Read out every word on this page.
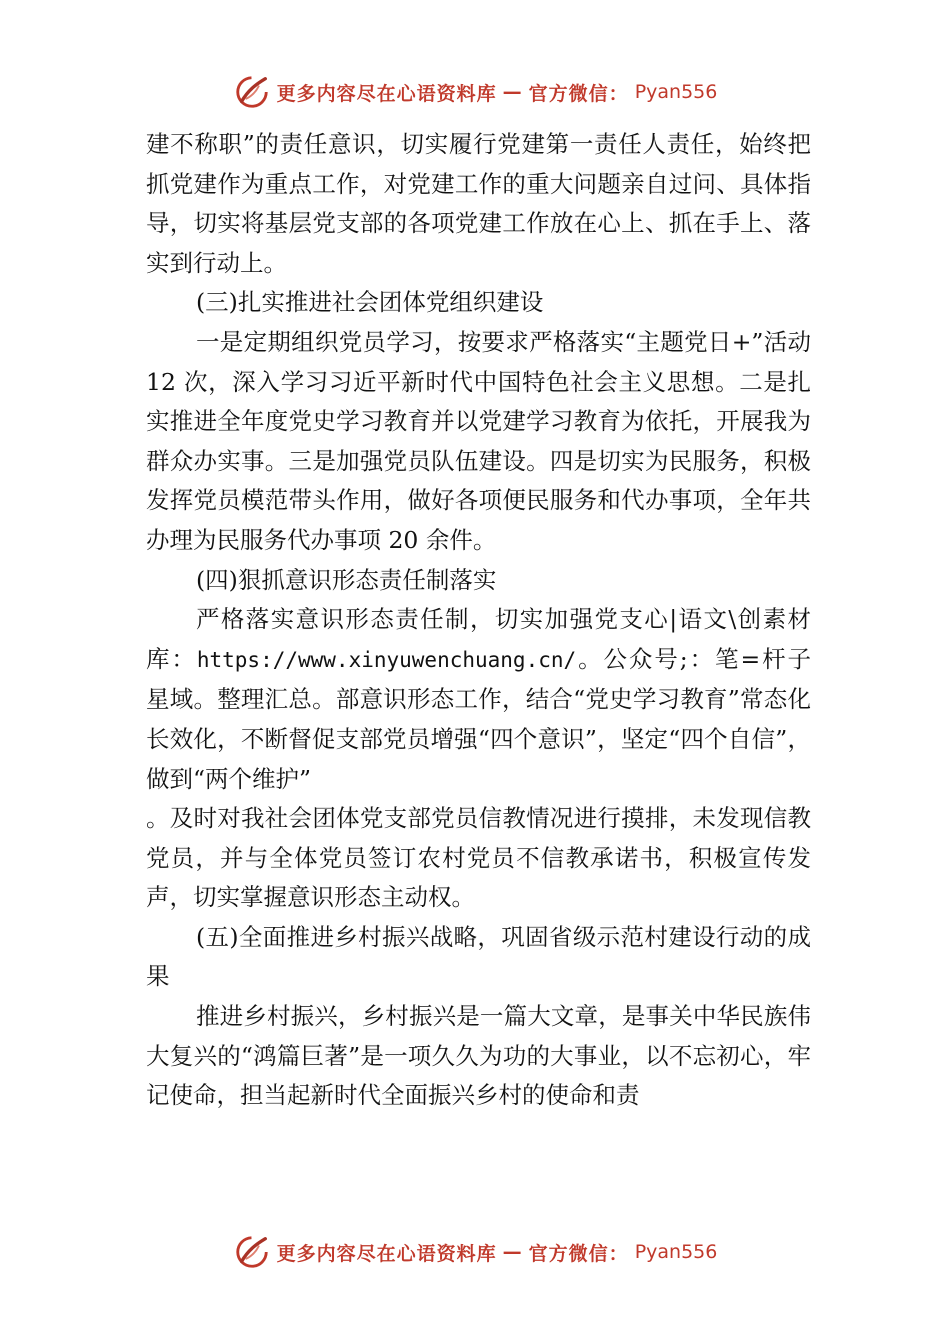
更多内容尽在心语资料库 — 官方微信： Pyan556

建不称职”的责任意识，切实履行党建第一责任人责任，始终把抓党建作为重点工作，对党建工作的重大问题亲自过问、具体指导，切实将基层党支部的各项党建工作放在心上、抓在手上、落实到行动上。

(三)扎实推进社会团体党组织建设

一是定期组织党员学习，按要求严格落实“主题党日+”活动 12 次，深入学习习近平新时代中国特色社会主义思想。二是扎实推进全年度党史学习教育并以党建学习教育为依托，开展我为群众办实事。三是加强党员队伍建设。四是切实为民服务，积极发挥党员模范带头作用，做好各项便民服务和代办事项，全年共办理为民服务代办事项 20 余件。

(四)狠抓意识形态责任制落实

严格落实意识形态责任制，切实加强党支心|语文\创素材库：https://www.xinyuwenchuang.cn/。公众号;：笔=杆子星域。整理汇总。部意识形态工作，结合“党史学习教育”常态化长效化，不断督促支部党员增强“四个意识”，坚定“四个自信”，做到“两个维护”

。及时对我社会团体党支部党员信教情况进行摸排，未发现信教党员，并与全体党员签订农村党员不信教承诺书，积极宣传发声，切实掌握意识形态主动权。

(五)全面推进乡村振兴战略，巩固省级示范村建设行动的成果

推进乡村振兴，乡村振兴是一篇大文章，是事关中华民族伟大复兴的“鸿篇巨著”是一项久久为功的大事业，以不忘初心，牢记使命，担当起新时代全面振兴乡村的使命和责

更多内容尽在心语资料库 — 官方微信： Pyan556
